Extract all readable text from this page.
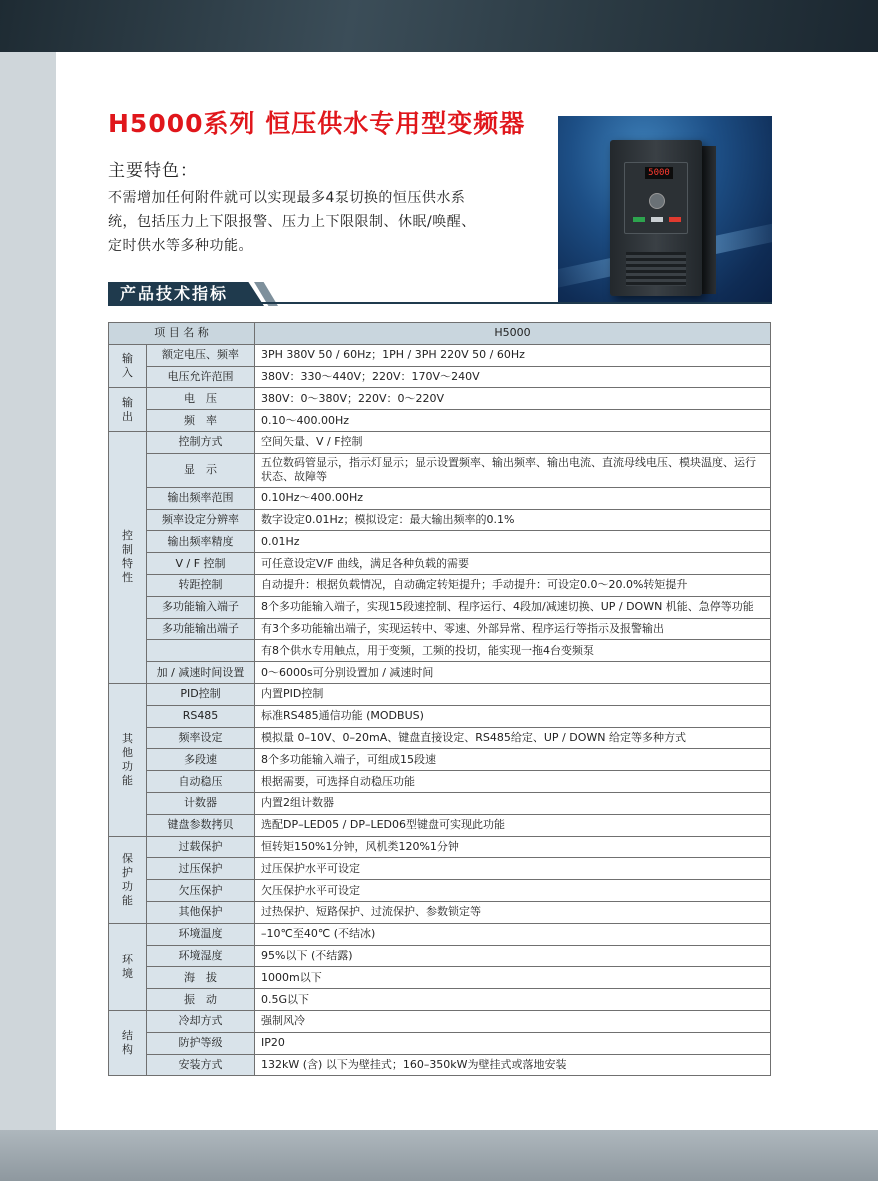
H5000系列 恒压供水专用型变频器
主要特色：
不需增加任何附件就可以实现最多4泵切换的恒压供水系统，包括压力上下限报警、压力上下限限制、休眠/唤醒、定时供水等多种功能。
5000
产品技术指标
项 目 名 称		H5000

输
入	额定电压、频率	3PH 380V 50 / 60Hz；1PH / 3PH 220V 50 / 60Hz
	电压允许范围	380V：330～440V；220V：170V～240V

输
出	电　压	380V：0～380V；220V：0～220V
	频　率	0.10～400.00Hz

控
制
特
性	控制方式	空间矢量、V / F控制
	显　示	五位数码管显示，指示灯显示；显示设置频率、输出频率、输出电流、直流母线电压、模块温度、运行状态、故障等
	输出频率范围	0.10Hz～400.00Hz
	频率设定分辨率	数字设定0.01Hz；模拟设定：最大输出频率的0.1%
	输出频率精度	0.01Hz
	V / F 控制	可任意设定V/F 曲线，满足各种负载的需要
	转距控制	自动提升：根据负载情况，自动确定转矩提升；手动提升：可设定0.0～20.0%转矩提升
	多功能输入端子	8个多功能输入端子，实现15段速控制、程序运行、4段加/减速切换、UP / DOWN 机能、急停等功能
	多功能输出端子	有3个多功能输出端子，实现运转中、零速、外部异常、程序运行等指示及报警输出
		有8个供水专用触点，用于变频，工频的投切，能实现一拖4台变频泵
	加 / 减速时间设置	0～6000s可分别设置加 / 减速时间

其
他
功
能	PID控制	内置PID控制
	RS485	标准RS485通信功能 (MODBUS)
	频率设定	模拟量 0–10V、0–20mA、键盘直接设定、RS485给定、UP / DOWN 给定等多种方式
	多段速	8个多功能输入端子，可组成15段速
	自动稳压	根据需要，可选择自动稳压功能
	计数器	内置2组计数器
	键盘参数拷贝	选配DP–LED05 / DP–LED06型键盘可实现此功能

保
护
功
能	过载保护	恒转矩150%1分钟，风机类120%1分钟
	过压保护	过压保护水平可设定
	欠压保护	欠压保护水平可设定
	其他保护	过热保护、短路保护、过流保护、参数锁定等

环
境	环境温度	–10℃至40℃ (不结冰)
	环境湿度	95%以下 (不结露)
	海　拔	1000m以下
	振　动	0.5G以下

结
构	冷却方式	强制风冷
	防护等级	IP20
	安装方式	132kW (含) 以下为壁挂式；160–350kW为壁挂式或落地安装
